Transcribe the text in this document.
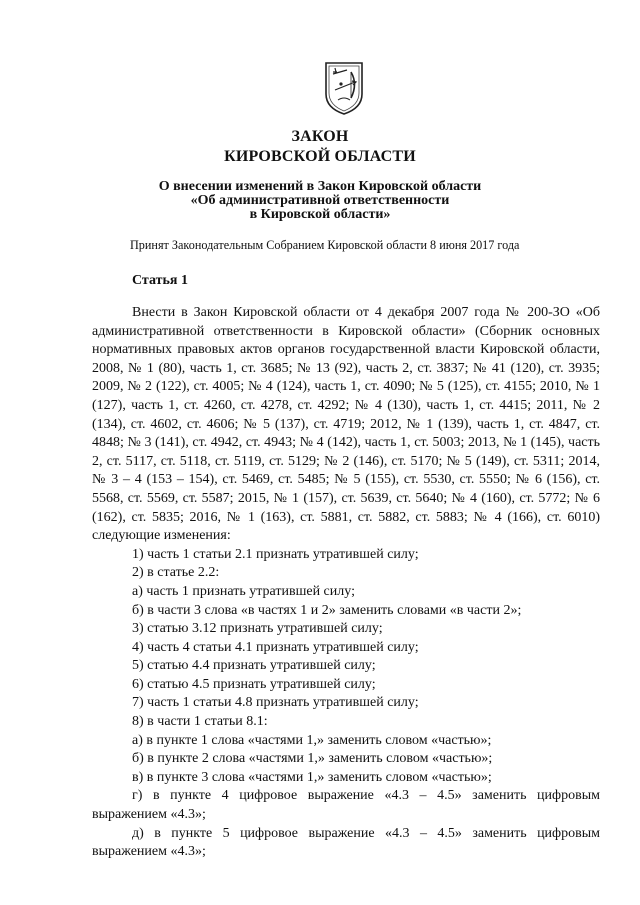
ЗАКОН
КИРОВСКОЙ ОБЛАСТИ
О внесении изменений в Закон Кировской области
«Об административной ответственности
в Кировской области»
Принят Законодательным Собранием Кировской области 8 июня 2017 года
Статья 1

Внести в Закон Кировской области от 4 декабря 2007 года № 200-ЗО «Об административной ответственности в Кировской области» (Сборник основных нормативных правовых актов органов государственной власти Кировской области, 2008, № 1 (80), часть 1, ст. 3685; № 13 (92), часть 2, ст. 3837; № 41 (120), ст. 3935; 2009, № 2 (122), ст. 4005; № 4 (124), часть 1, ст. 4090; № 5 (125), ст. 4155; 2010, № 1 (127), часть 1, ст. 4260, ст. 4278, ст. 4292; № 4 (130), часть 1, ст. 4415; 2011, № 2 (134), ст. 4602, ст. 4606; № 5 (137), ст. 4719; 2012, № 1 (139), часть 1, ст. 4847, ст. 4848; № 3 (141), ст. 4942, ст. 4943; № 4 (142), часть 1, ст. 5003; 2013, № 1 (145), часть 2, ст. 5117, ст. 5118, ст. 5119, ст. 5129; № 2 (146), ст. 5170; № 5 (149), ст. 5311; 2014, № 3 – 4 (153 – 154), ст. 5469, ст. 5485; № 5 (155), ст. 5530, ст. 5550; № 6 (156), ст. 5568, ст. 5569, ст. 5587; 2015, № 1 (157), ст. 5639, ст. 5640; № 4 (160), ст. 5772; № 6 (162), ст. 5835; 2016, № 1 (163), ст. 5881, ст. 5882, ст. 5883; № 4 (166), ст. 6010) следующие изменения:

1) часть 1 статьи 2.1 признать утратившей силу;

2) в статье 2.2:

а) часть 1 признать утратившей силу;

б) в части 3 слова «в частях 1 и 2» заменить словами «в части 2»;

3) статью 3.12 признать утратившей силу;

4) часть 4 статьи 4.1 признать утратившей силу;

5) статью 4.4 признать утратившей силу;

6) статью 4.5 признать утратившей силу;

7) часть 1 статьи 4.8 признать утратившей силу;

8) в части 1 статьи 8.1:

а) в пункте 1 слова «частями 1,» заменить словом «частью»;

б) в пункте 2 слова «частями 1,» заменить словом «частью»;

в) в пункте 3 слова «частями 1,» заменить словом «частью»;

г) в пункте 4 цифровое выражение «4.3 – 4.5» заменить цифровым выражением «4.3»;

д) в пункте 5 цифровое выражение «4.3 – 4.5» заменить цифровым выражением «4.3»;
